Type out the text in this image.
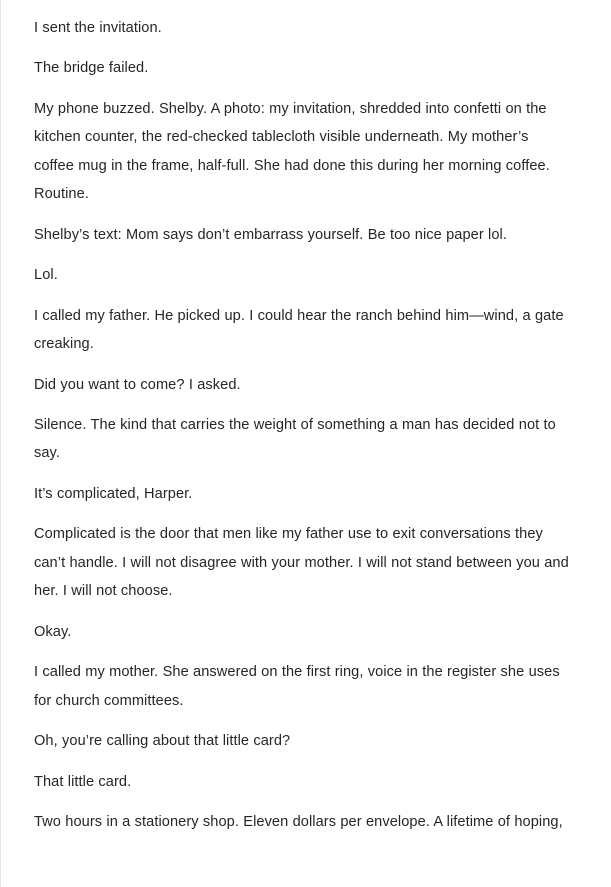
I sent the invitation.

The bridge failed.

My phone buzzed. Shelby. A photo: my invitation, shredded into confetti on the kitchen counter, the red-checked tablecloth visible underneath. My mother’s coffee mug in the frame, half-full. She had done this during her morning coffee. Routine.

Shelby’s text: Mom says don’t embarrass yourself. Be too nice paper lol.

Lol.

I called my father. He picked up. I could hear the ranch behind him—wind, a gate creaking.

Did you want to come? I asked.

Silence. The kind that carries the weight of something a man has decided not to say.

It’s complicated, Harper.

Complicated is the door that men like my father use to exit conversations they can’t handle. I will not disagree with your mother. I will not stand between you and her. I will not choose.

Okay.

I called my mother. She answered on the first ring, voice in the register she uses for church committees.

Oh, you’re calling about that little card?

That little card.

Two hours in a stationery shop. Eleven dollars per envelope. A lifetime of hoping,
